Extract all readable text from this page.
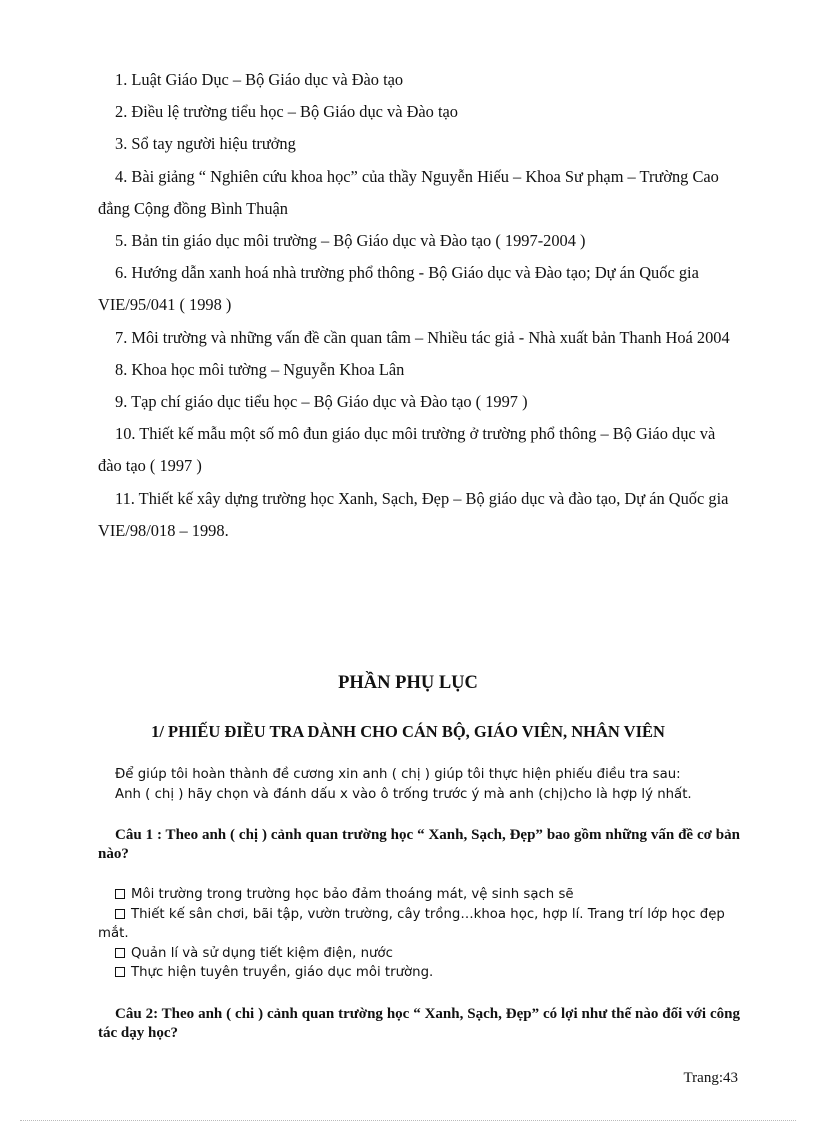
1. Luật Giáo Dục – Bộ Giáo dục và Đào tạo

2. Điều lệ trường tiểu học – Bộ Giáo dục và Đào tạo

3. Sổ tay người hiệu trưởng

4. Bài giảng “ Nghiên cứu khoa học” của thầy Nguyễn Hiếu – Khoa Sư phạm – Trường Cao đẳng Cộng đồng Bình Thuận

5. Bản tin giáo dục môi trường – Bộ Giáo dục và Đào tạo ( 1997-2004 )

6. Hướng dẫn xanh hoá nhà trường phổ thông - Bộ Giáo dục và Đào tạo; Dự án Quốc gia VIE/95/041 ( 1998 )

7. Môi trường và những vấn đề cần quan tâm – Nhiều tác giả - Nhà xuất bản Thanh Hoá 2004

8. Khoa học môi tường – Nguyễn Khoa Lân

9. Tạp chí giáo dục tiểu học – Bộ Giáo dục và Đào tạo ( 1997 )

10. Thiết kế mẫu một số mô đun giáo dục môi trường ở trường phổ thông – Bộ Giáo dục và đào tạo ( 1997 )

11. Thiết kế xây dựng trường học Xanh, Sạch, Đẹp – Bộ giáo dục và đào tạo, Dự án Quốc gia VIE/98/018 – 1998.

PHẦN PHỤ LỤC
1/ PHIẾU ĐIỀU TRA DÀNH CHO CÁN BỘ, GIÁO VIÊN, NHÂN VIÊN

Để giúp tôi hoàn thành đề cương xin anh ( chị ) giúp tôi thực hiện phiếu điều tra sau:

Anh ( chị ) hãy chọn và đánh dấu x vào ô trống trước ý mà anh (chị)cho là hợp lý nhất.

Câu 1 : Theo anh ( chị ) cảnh quan trường học “ Xanh, Sạch, Đẹp” bao gồm những vấn đề cơ bản nào?

Môi trường trong trường học bảo đảm thoáng mát, vệ sinh sạch sẽ

Thiết kế sân chơi, bãi tập, vườn trường, cây trồng…khoa học, hợp lí. Trang trí lớp học đẹp mắt.

Quản lí và sử dụng tiết kiệm điện, nước

Thực hiện tuyên truyền, giáo dục môi trường.

Câu 2: Theo anh ( chi ) cảnh quan trường học “ Xanh, Sạch, Đẹp” có lợi như thế nào đối với công tác dạy học?

Trang:43
